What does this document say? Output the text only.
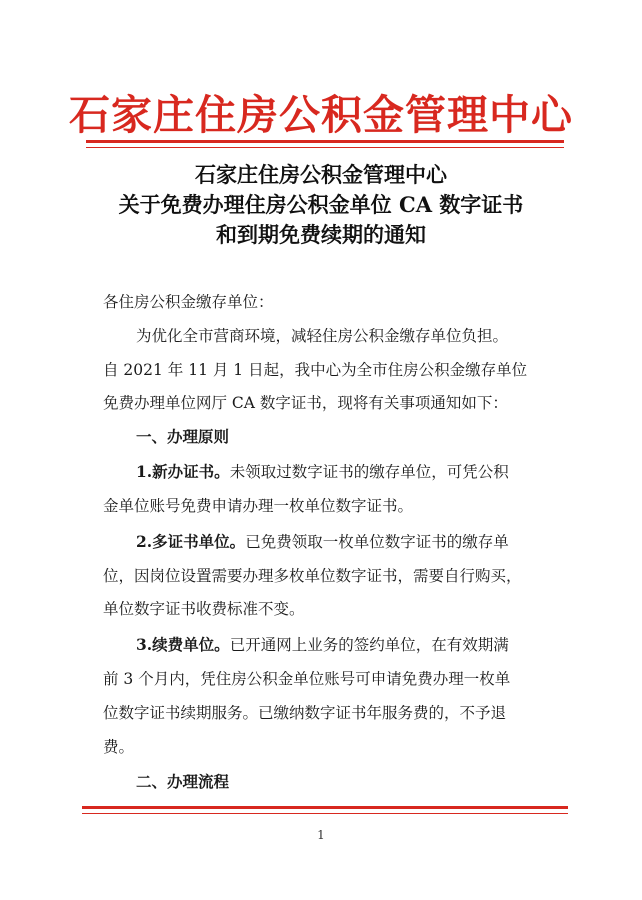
石家庄住房公积金管理中心
石家庄住房公积金管理中心
关于免费办理住房公积金单位 CA 数字证书
和到期免费续期的通知
各住房公积金缴存单位：
为优化全市营商环境，减轻住房公积金缴存单位负担。
自 2021 年 11 月 1 日起，我中心为全市住房公积金缴存单位
免费办理单位网厅 CA 数字证书，现将有关事项通知如下：
一、办理原则
1.新办证书。未领取过数字证书的缴存单位，可凭公积
金单位账号免费申请办理一枚单位数字证书。
2.多证书单位。已免费领取一枚单位数字证书的缴存单
位，因岗位设置需要办理多枚单位数字证书，需要自行购买，
单位数字证书收费标准不变。
3.续费单位。已开通网上业务的签约单位，在有效期满
前 3 个月内，凭住房公积金单位账号可申请免费办理一枚单
位数字证书续期服务。已缴纳数字证书年服务费的，不予退
费。
二、办理流程
1
